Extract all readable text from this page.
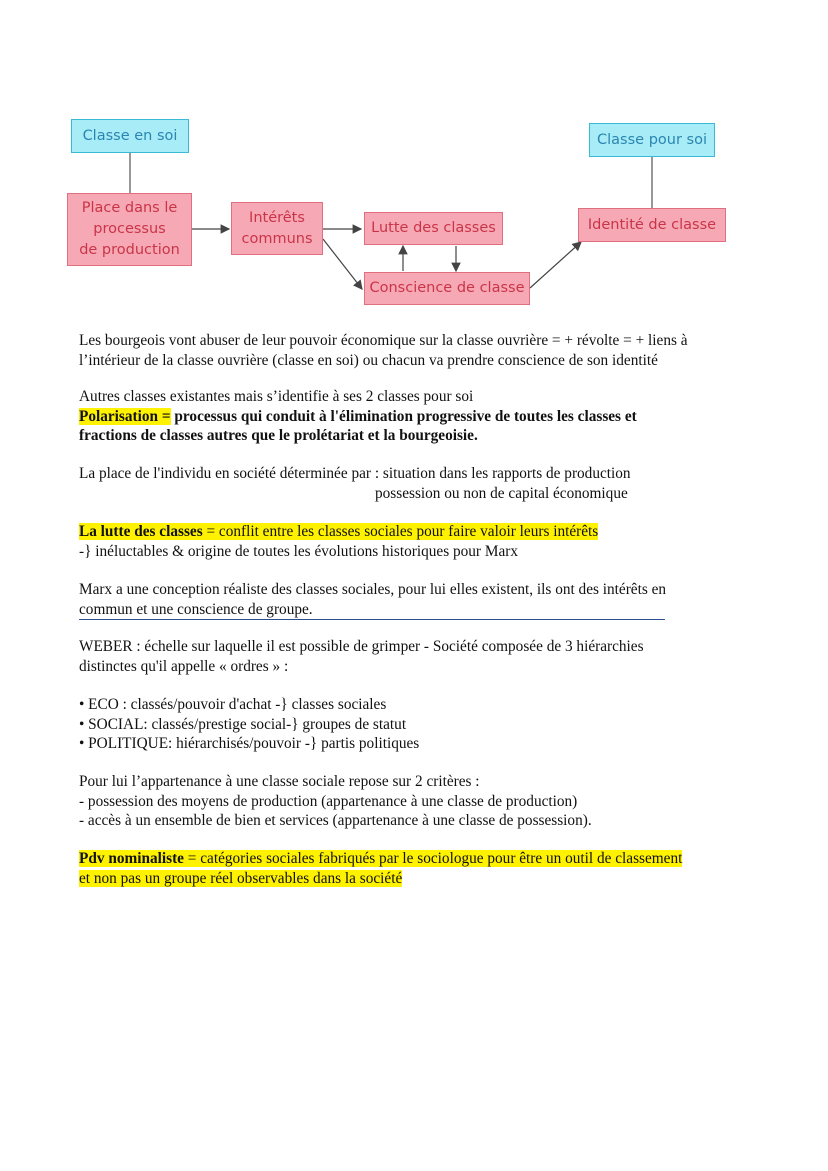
Classe en soi
Place dans le
processus
de production
Intérêts
communs
Lutte des classes
Conscience de classe
Identité de classe
Classe pour soi

Les bourgeois vont abuser de leur pouvoir économique sur la classe ouvrière = + révolte = + liens à

l’intérieur de la classe ouvrière (classe en soi) ou chacun va prendre conscience de son identité

Autres classes existantes mais s’identifie à ses 2 classes pour soi

Polarisation = processus qui conduit à l'élimination progressive de toutes les classes et

fractions de classes autres que le prolétariat et la bourgeoisie.

La place de l'individu en société déterminée par : situation dans les rapports de production

possession ou non de capital économique

La lutte des classes = conflit entre les classes sociales pour faire valoir leurs intérêts

-} inéluctables & origine de toutes les évolutions historiques pour Marx

Marx a une conception réaliste des classes sociales, pour lui elles existent, ils ont des intérêts en

commun et une conscience de groupe.

WEBER : échelle sur laquelle il est possible de grimper - Société composée de 3 hiérarchies

distinctes qu'il appelle « ordres » :

• ECO : classés/pouvoir d'achat -} classes sociales

• SOCIAL: classés/prestige social-} groupes de statut

• POLITIQUE: hiérarchisés/pouvoir -} partis politiques

Pour lui l’appartenance à une classe sociale repose sur 2 critères :

- possession des moyens de production (appartenance à une classe de production)

- accès à un ensemble de bien et services (appartenance à une classe de possession).

Pdv nominaliste = catégories sociales fabriqués par le sociologue pour être un outil de classement

et non pas un groupe réel observables dans la société
